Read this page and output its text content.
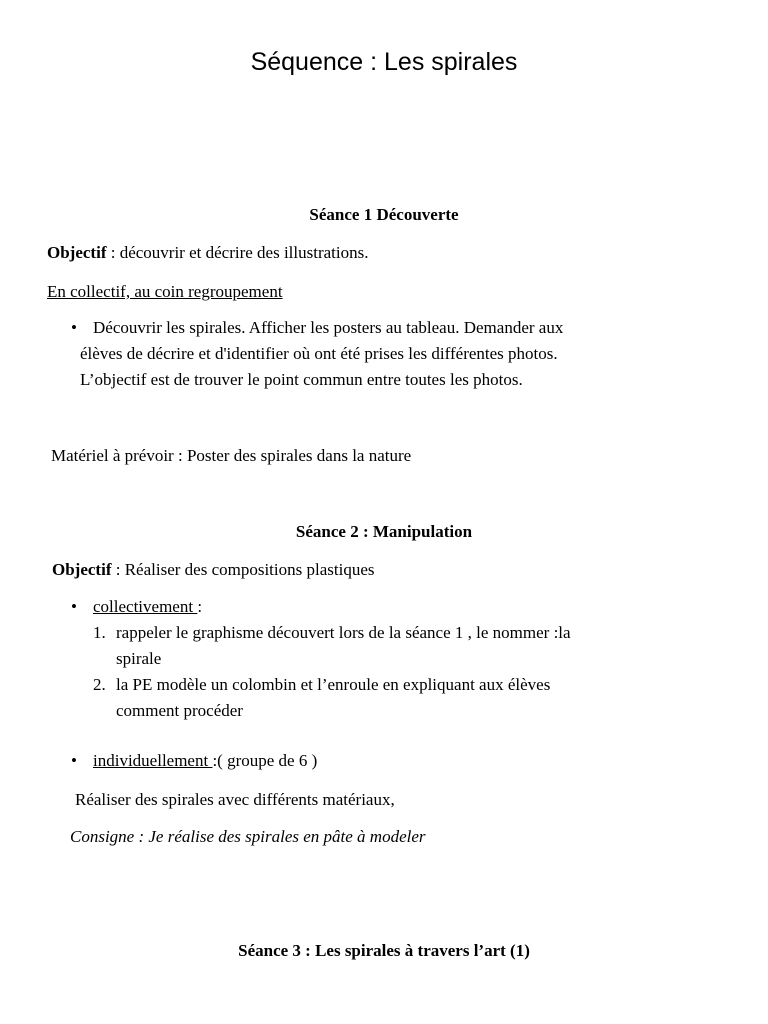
Séquence : Les spirales
Séance 1 Découverte
Objectif : découvrir et décrire des illustrations.
En collectif, au coin regroupement
• Découvrir les spirales. Afficher les posters au tableau. Demander aux
élèves de décrire et d'identifier où ont été prises les différentes photos.
L’objectif est de trouver le point commun entre toutes les photos.
Matériel à prévoir : Poster des spirales dans la nature
Séance 2 : Manipulation
Objectif : Réaliser des compositions plastiques
• collectivement :
1. rappeler le graphisme découvert lors de la séance 1 , le nommer :la
spirale
2. la PE modèle un colombin et l’enroule en expliquant aux élèves
comment procéder
• individuellement :( groupe de 6 )
Réaliser des spirales avec différents matériaux,
Consigne : Je réalise des spirales en pâte à modeler
Séance 3 : Les spirales à travers l’art (1)
